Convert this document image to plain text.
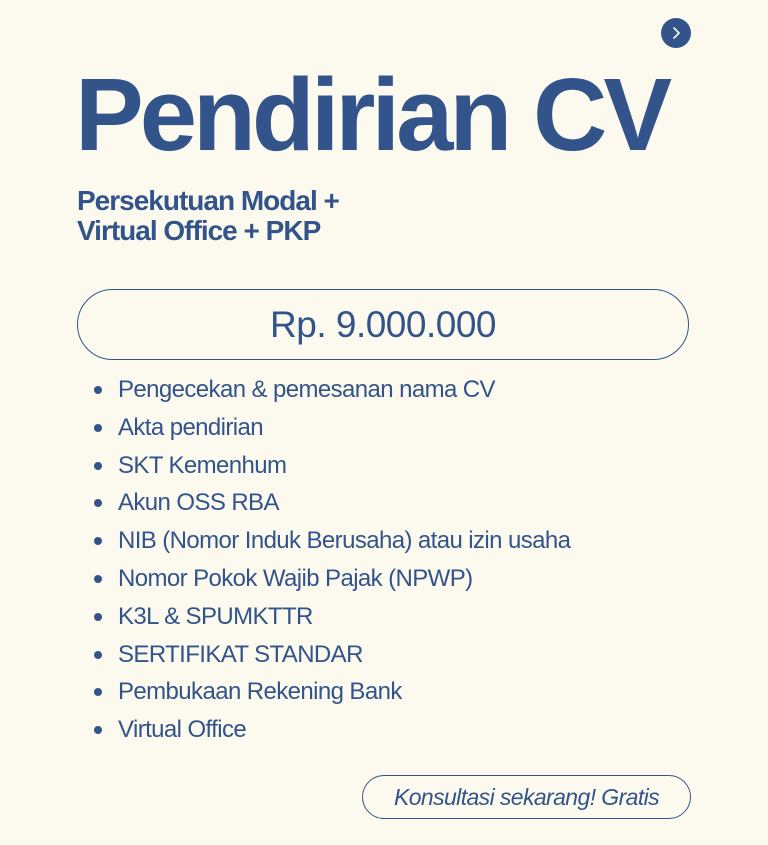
Pendirian CV
Persekutuan Modal +
Virtual Office + PKP
Rp. 9.000.000
Pengecekan & pemesanan nama CV
Akta pendirian
SKT Kemenhum
Akun OSS RBA
NIB (Nomor Induk Berusaha) atau izin usaha
Nomor Pokok Wajib Pajak (NPWP)
K3L & SPUMKTTR
SERTIFIKAT STANDAR
Pembukaan Rekening Bank
Virtual Office
Konsultasi sekarang! Gratis
